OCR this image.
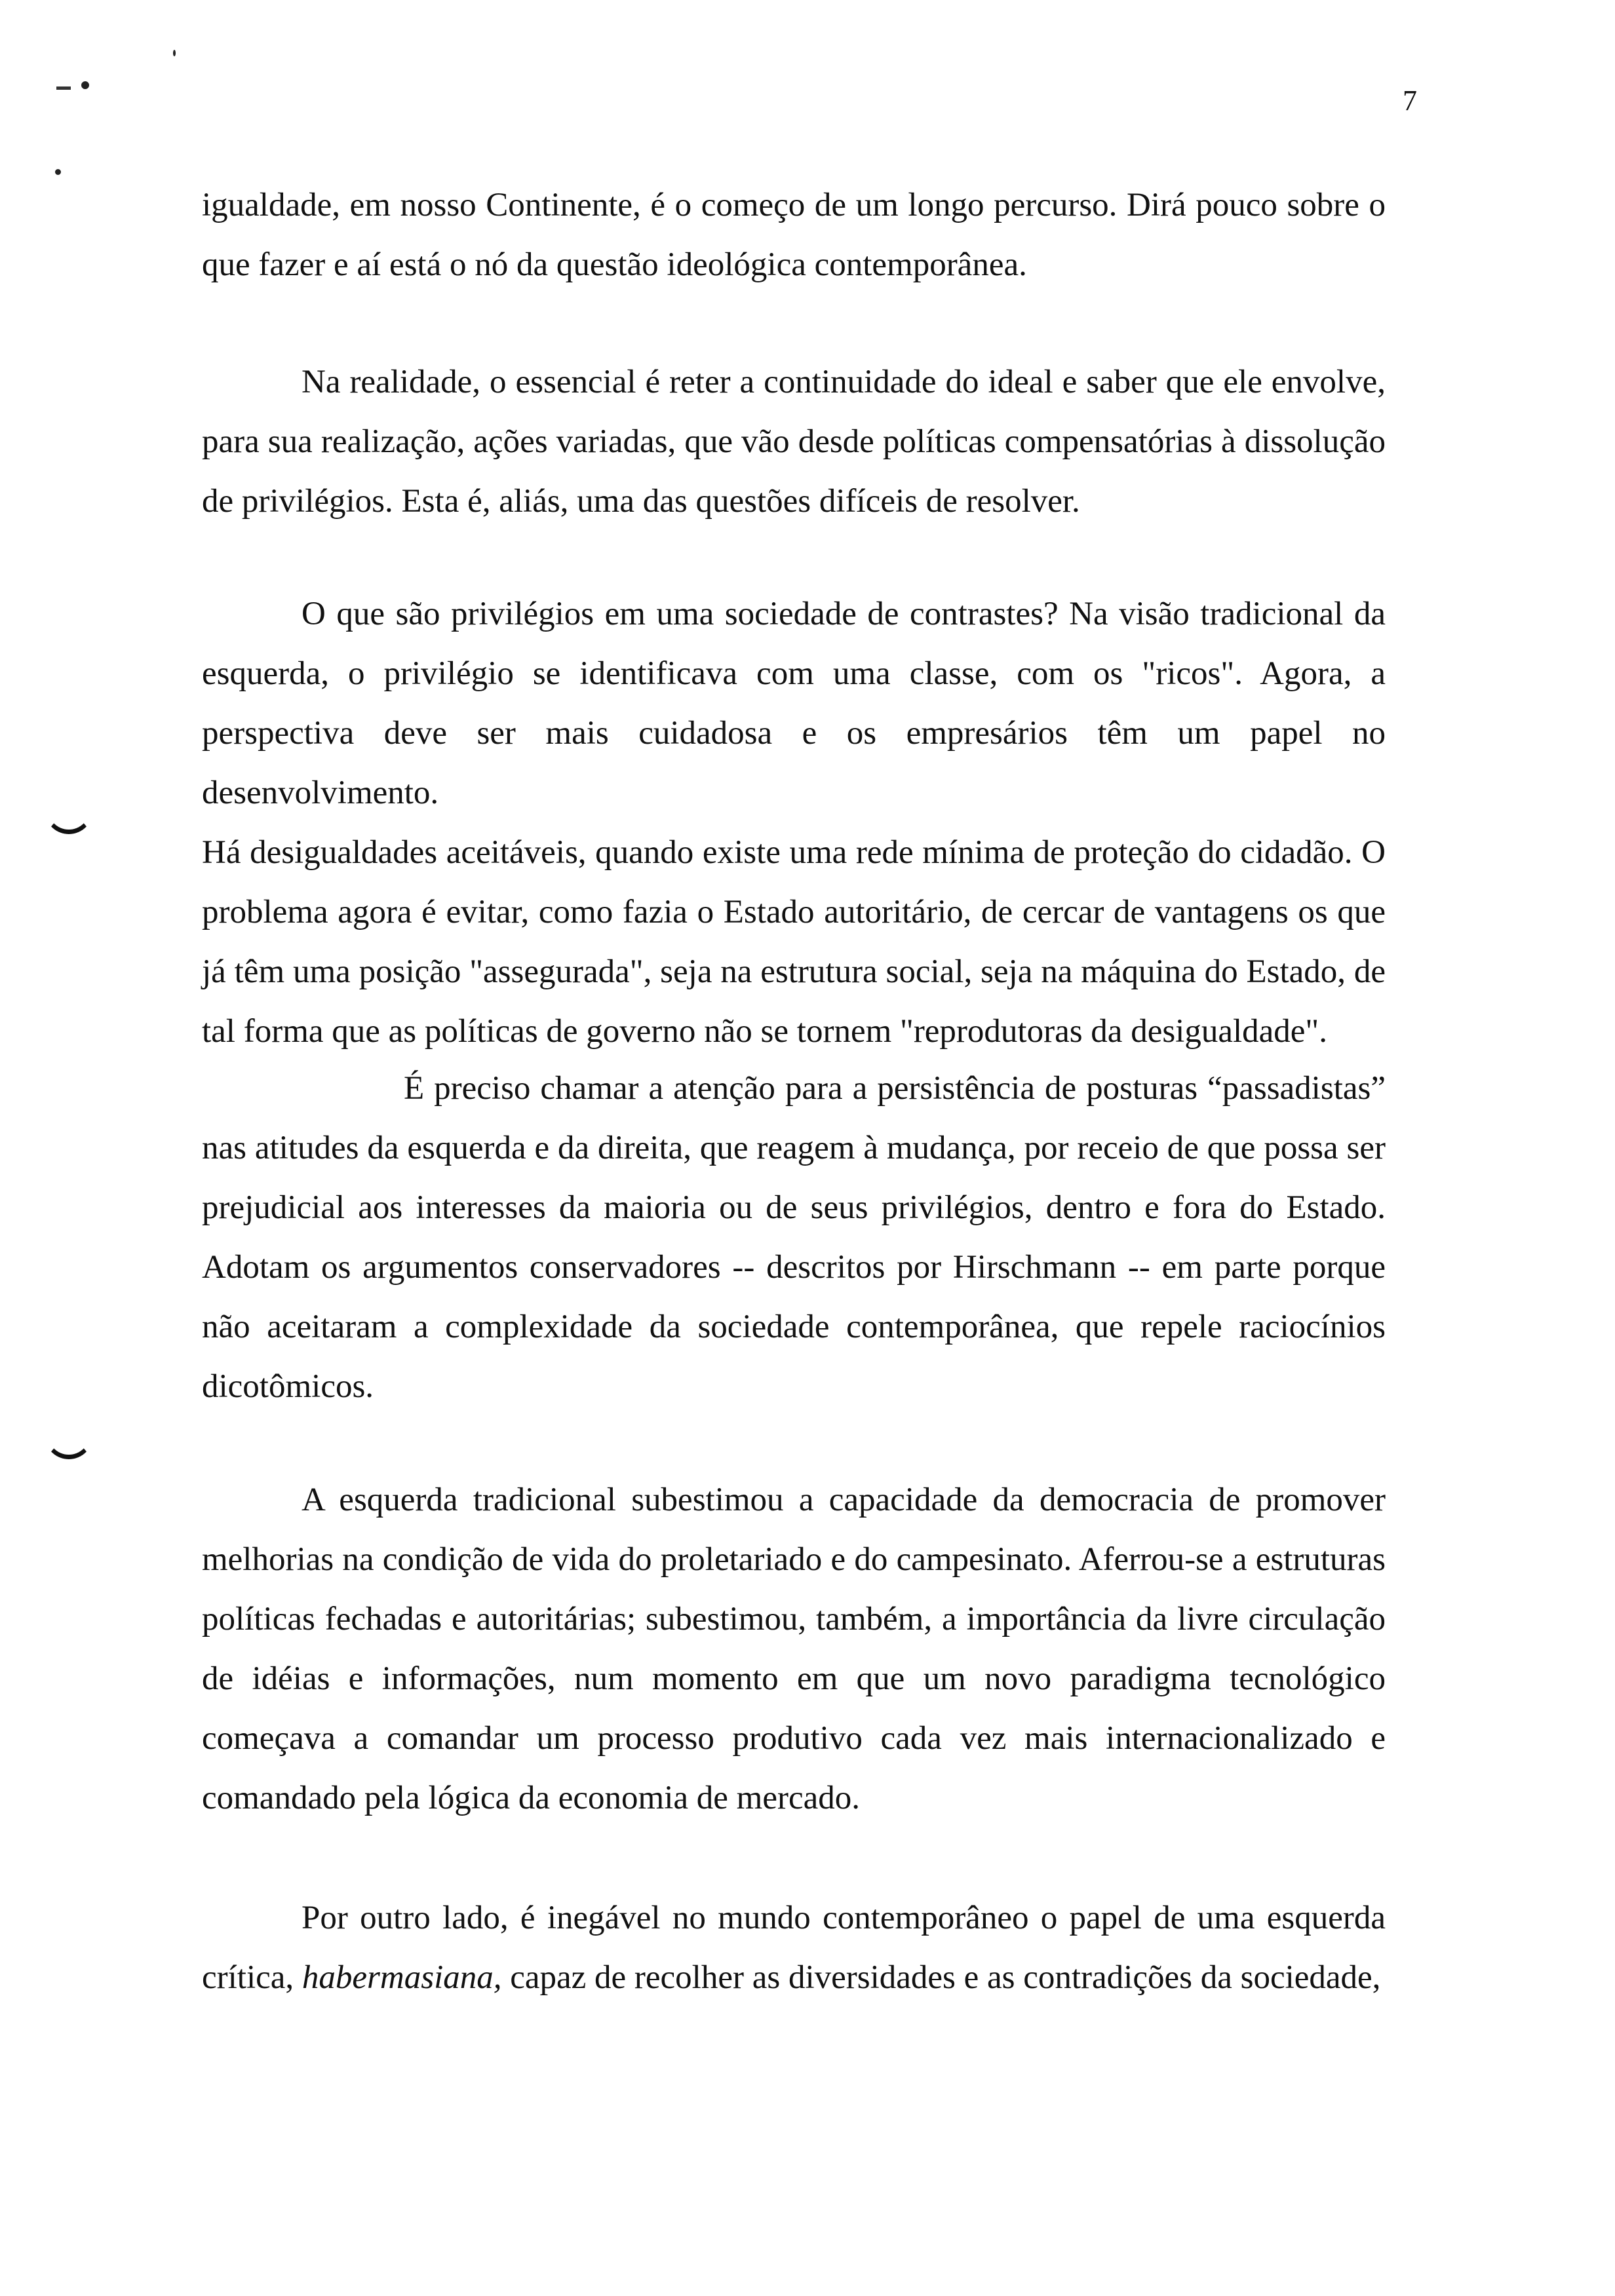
7
igualdade, em nosso Continente, é o começo de um longo percurso. Dirá pouco sobre o
que fazer e aí está o nó da questão ideológica contemporânea.
Na realidade, o essencial é reter a continuidade do ideal e saber que ele envolve,
para sua realização, ações variadas, que vão desde políticas compensatórias à dissolução
de privilégios. Esta é, aliás, uma das questões difíceis de resolver.
O que são privilégios em uma sociedade de contrastes? Na visão tradicional da
esquerda, o privilégio se identificava com uma classe, com os "ricos". Agora, a
perspectiva deve ser mais cuidadosa e os empresários têm um papel no desenvolvimento.
Há desigualdades aceitáveis, quando existe uma rede mínima de proteção do cidadão. O
problema agora é evitar, como fazia o Estado autoritário, de cercar de vantagens os que
já têm uma posição "assegurada", seja na estrutura social, seja na máquina do Estado, de
tal forma que as políticas de governo não se tornem "reprodutoras da desigualdade".
É preciso chamar a atenção para a persistência de posturas “passadistas”
nas atitudes da esquerda e da direita, que reagem à mudança, por receio de que possa ser
prejudicial aos interesses da maioria ou de seus privilégios, dentro e fora do Estado.
Adotam os argumentos conservadores -- descritos por Hirschmann -- em parte porque
não aceitaram a complexidade da sociedade contemporânea, que repele raciocínios
dicotômicos.
A esquerda tradicional subestimou a capacidade da democracia de promover
melhorias na condição de vida do proletariado e do campesinato. Aferrou-se a estruturas
políticas fechadas e autoritárias; subestimou, também, a importância da livre circulação
de idéias e informações, num momento em que um novo paradigma tecnológico
começava a comandar um processo produtivo cada vez mais internacionalizado e
comandado pela lógica da economia de mercado.
Por outro lado, é inegável no mundo contemporâneo o papel de uma esquerda
crítica, habermasiana, capaz de recolher as diversidades e as contradições da sociedade,
